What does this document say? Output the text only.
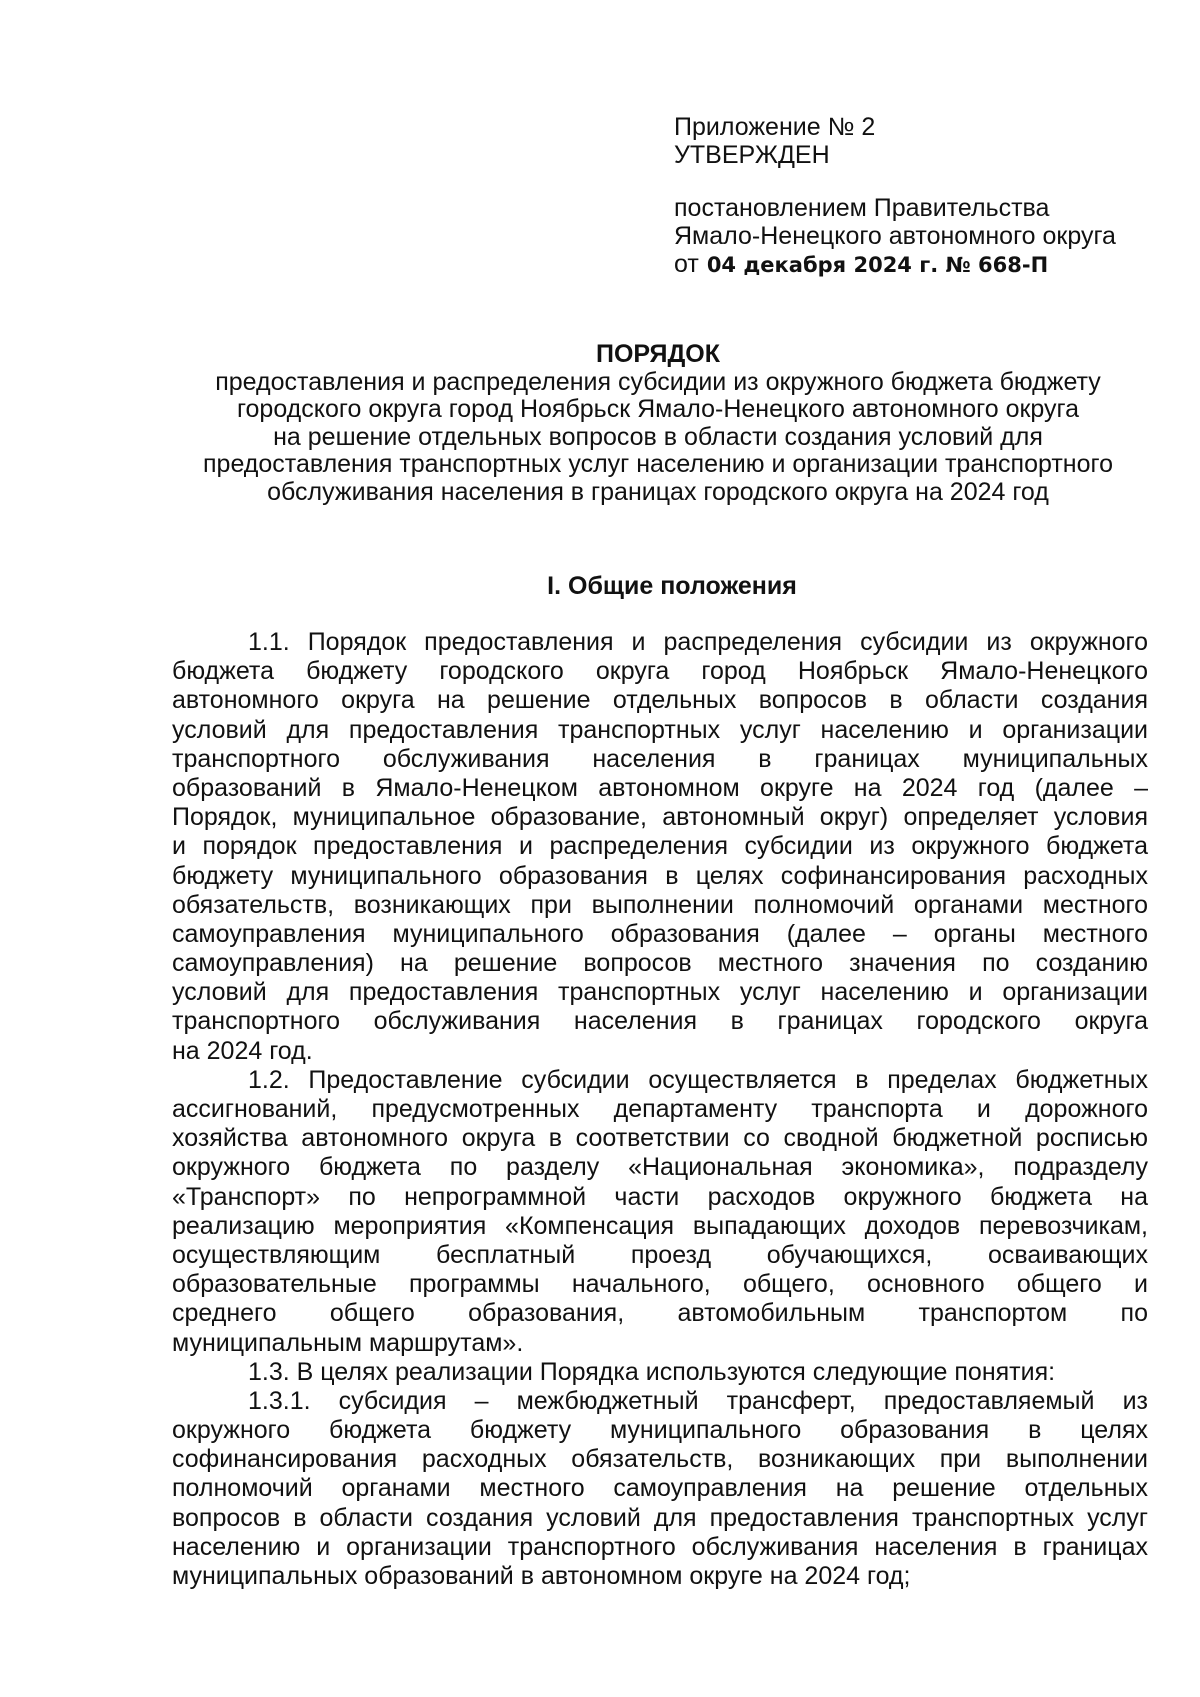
Приложение № 2
УТВЕРЖДЕН
постановлением Правительства
Ямало-Ненецкого автономного округа
от 04 декабря 2024 г. № 668-П
ПОРЯДОК
предоставления и распределения субсидии из окружного бюджета бюджету
городского округа город Ноябрьск Ямало-Ненецкого автономного округа
на решение отдельных вопросов в области создания условий для
предоставления транспортных услуг населению и организации транспортного
обслуживания населения в границах городского округа на 2024 год
I. Общие положения
1.1. Порядок предоставления и распределения субсидии из окружного
бюджета бюджету городского округа город Ноябрьск Ямало-Ненецкого
автономного округа на решение отдельных вопросов в области создания
условий для предоставления транспортных услуг населению и организации
транспортного обслуживания населения в границах муниципальных
образований в Ямало-Ненецком автономном округе на 2024 год (далее –
Порядок, муниципальное образование, автономный округ) определяет условия
и порядок предоставления и распределения субсидии из окружного бюджета
бюджету муниципального образования в целях софинансирования расходных
обязательств, возникающих при выполнении полномочий органами местного
самоуправления муниципального образования (далее – органы местного
самоуправления) на решение вопросов местного значения по созданию
условий для предоставления транспортных услуг населению и организации
транспортного обслуживания населения в границах городского округа
на 2024 год.
1.2. Предоставление субсидии осуществляется в пределах бюджетных
ассигнований, предусмотренных департаменту транспорта и дорожного
хозяйства автономного округа в соответствии со сводной бюджетной росписью
окружного бюджета по разделу «Национальная экономика», подразделу
«Транспорт» по непрограммной части расходов окружного бюджета на
реализацию мероприятия «Компенсация выпадающих доходов перевозчикам,
осуществляющим бесплатный проезд обучающихся, осваивающих
образовательные программы начального, общего, основного общего и
среднего общего образования, автомобильным транспортом по
муниципальным маршрутам».
1.3. В целях реализации Порядка используются следующие понятия:
1.3.1. субсидия – межбюджетный трансферт, предоставляемый из
окружного бюджета бюджету муниципального образования в целях
софинансирования расходных обязательств, возникающих при выполнении
полномочий органами местного самоуправления на решение отдельных
вопросов в области создания условий для предоставления транспортных услуг
населению и организации транспортного обслуживания населения в границах
муниципальных образований в автономном округе на 2024 год;
